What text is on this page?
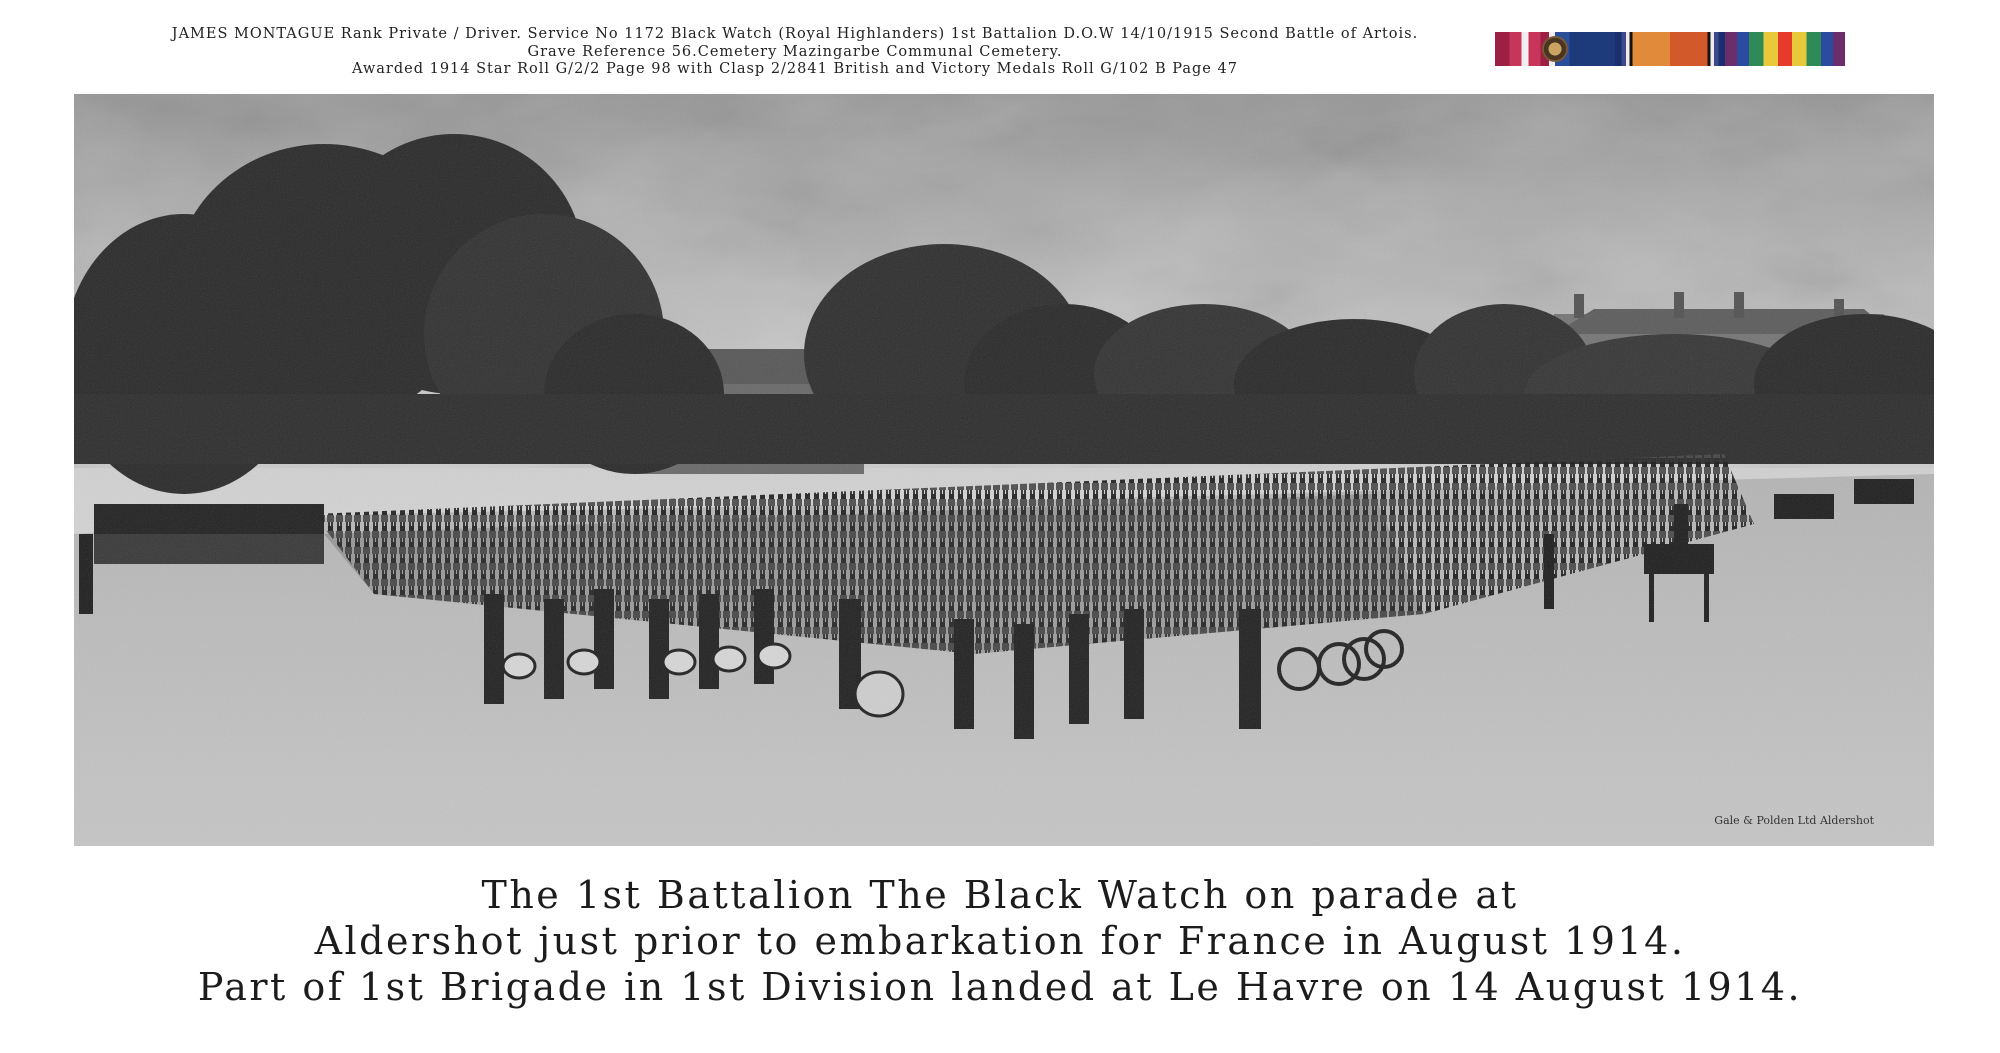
JAMES MONTAGUE Rank Private / Driver. Service No 1172 Black Watch (Royal Highlanders) 1st Battalion D.O.W 14/10/1915 Second Battle of Artois.
Grave Reference 56.Cemetery Mazingarbe Communal Cemetery.
Awarded 1914 Star Roll G/2/2 Page 98 with Clasp 2/2841 British and Victory Medals Roll G/102 B Page 47
Gale & Polden Ltd Aldershot
The 1st Battalion The Black Watch on parade at
Aldershot just prior to embarkation for France in August 1914.
Part of 1st Brigade in 1st Division landed at Le Havre on 14 August 1914.
